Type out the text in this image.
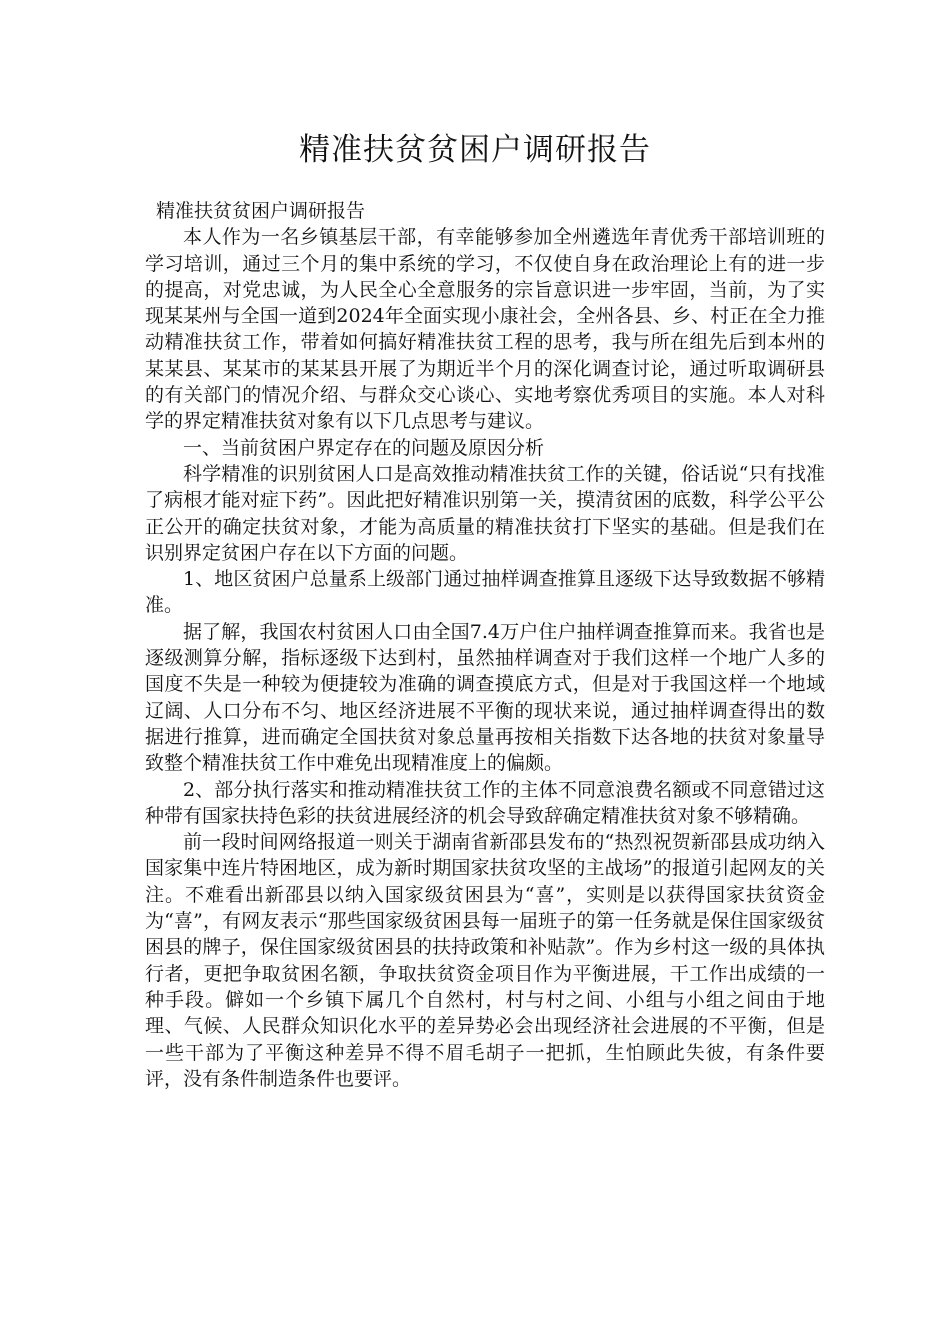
精准扶贫贫困户调研报告

精准扶贫贫困户调研报告

本人作为一名乡镇基层干部，有幸能够参加全州遴选年青优秀干部培训班的学习培训，通过三个月的集中系统的学习，不仅使自身在政治理论上有的进一步的提高，对党忠诚，为人民全心全意服务的宗旨意识进一步牢固，当前，为了实现某某州与全国一道到2024年全面实现小康社会，全州各县、乡、村正在全力推动精准扶贫工作，带着如何搞好精准扶贫工程的思考，我与所在组先后到本州的某某县、某某市的某某县开展了为期近半个月的深化调查讨论，通过听取调研县的有关部门的情况介绍、与群众交心谈心、实地考察优秀项目的实施。本人对科学的界定精准扶贫对象有以下几点思考与建议。

一、当前贫困户界定存在的问题及原因分析

科学精准的识别贫困人口是高效推动精准扶贫工作的关键，俗话说“只有找准了病根才能对症下药”。因此把好精准识别第一关，摸清贫困的底数，科学公平公正公开的确定扶贫对象，才能为高质量的精准扶贫打下坚实的基础。但是我们在识别界定贫困户存在以下方面的问题。

1、地区贫困户总量系上级部门通过抽样调查推算且逐级下达导致数据不够精准。

据了解，我国农村贫困人口由全国7.4万户住户抽样调查推算而来。我省也是逐级测算分解，指标逐级下达到村，虽然抽样调查对于我们这样一个地广人多的国度不失是一种较为便捷较为准确的调查摸底方式，但是对于我国这样一个地域辽阔、人口分布不匀、地区经济进展不平衡的现状来说，通过抽样调查得出的数据进行推算，进而确定全国扶贫对象总量再按相关指数下达各地的扶贫对象量导致整个精准扶贫工作中难免出现精准度上的偏颇。

2、部分执行落实和推动精准扶贫工作的主体不同意浪费名额或不同意错过这种带有国家扶持色彩的扶贫进展经济的机会导致辞确定精准扶贫对象不够精确。

前一段时间网络报道一则关于湖南省新邵县发布的“热烈祝贺新邵县成功纳入国家集中连片特困地区，成为新时期国家扶贫攻坚的主战场”的报道引起网友的关注。不难看出新邵县以纳入国家级贫困县为“喜”，实则是以获得国家扶贫资金为“喜”，有网友表示“那些国家级贫困县每一届班子的第一任务就是保住国家级贫困县的牌子，保住国家级贫困县的扶持政策和补贴款”。作为乡村这一级的具体执行者，更把争取贫困名额，争取扶贫资金项目作为平衡进展，干工作出成绩的一种手段。僻如一个乡镇下属几个自然村，村与村之间、小组与小组之间由于地理、气候、人民群众知识化水平的差异势必会出现经济社会进展的不平衡，但是一些干部为了平衡这种差异不得不眉毛胡子一把抓，生怕顾此失彼，有条件要评，没有条件制造条件也要评。
